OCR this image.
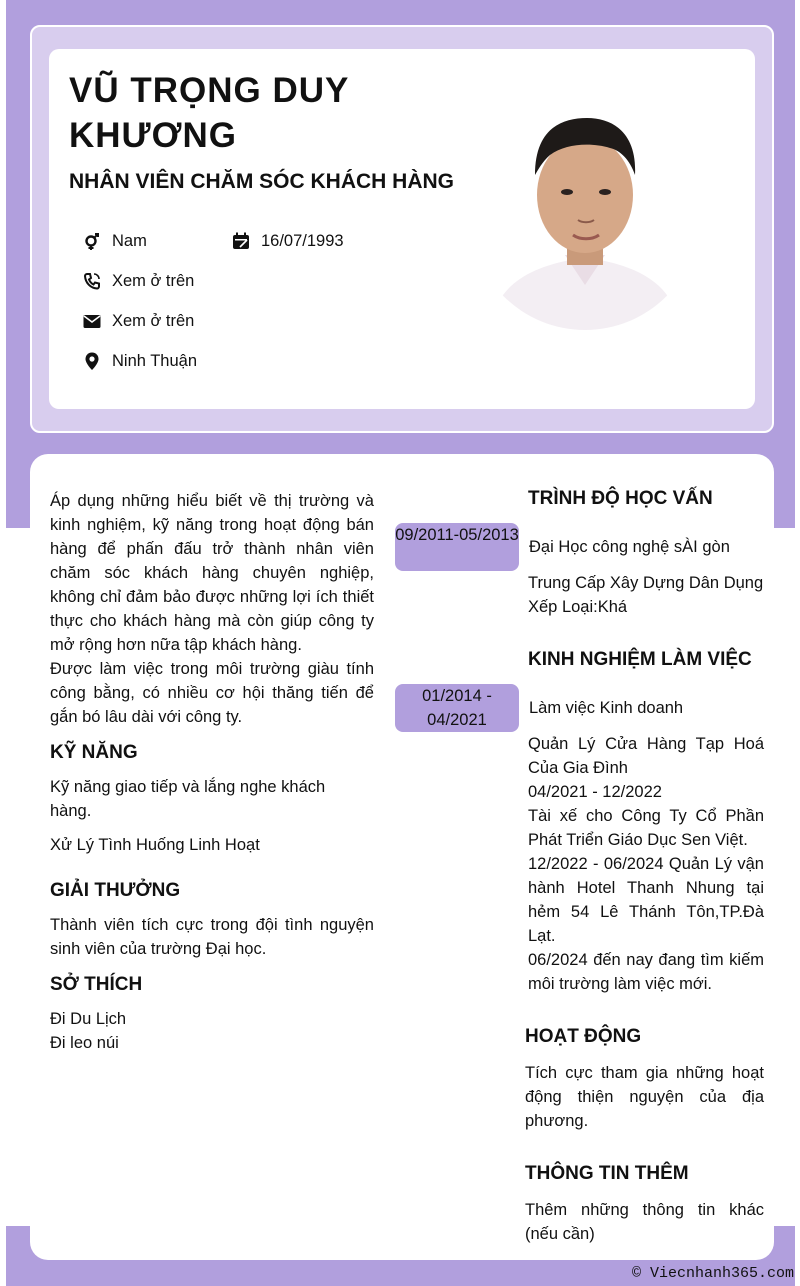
VŨ TRỌNG DUY KHƯƠNG
NHÂN VIÊN CHĂM SÓC KHÁCH HÀNG
Nam	16/07/1993
Xem ở trên
Xem ở trên
Ninh Thuận

Áp dụng những hiểu biết về thị trường và kinh nghiệm, kỹ năng trong hoạt động bán hàng để phấn đấu trở thành nhân viên chăm sóc khách hàng chuyên nghiệp, không chỉ đảm bảo được những lợi ích thiết thực cho khách hàng mà còn giúp công ty mở rộng hơn nữa tập khách hàng.

Được làm việc trong môi trường giàu tính công bằng, có nhiều cơ hội thăng tiến để gắn bó lâu dài với công ty.

KỸ NĂNG

Kỹ năng giao tiếp và lắng nghe khách hàng.

Xử Lý Tình Huống Linh Hoạt

GIẢI THƯỞNG

Thành viên tích cực trong đội tình nguyện sinh viên của trường Đại học.

SỞ THÍCH

Đi Du Lịch

Đi leo núi

TRÌNH ĐỘ HỌC VẤN
09/2011-05/2013

Đại Học công nghệ sÀI gòn

Trung Cấp Xây Dựng Dân Dụng

Xếp Loại:Khá

KINH NGHIỆM LÀM VIỆC
01/2014 - 04/2021

Làm việc Kinh doanh

Quản Lý Cửa Hàng Tạp Hoá Của Gia Đình
04/2021 - 12/2022
Tài xế cho Công Ty Cổ Phần Phát Triển Giáo Dục Sen Việt.
12/2022 - 06/2024 Quản Lý vận hành Hotel Thanh Nhung tại hẻm 54 Lê Thánh Tôn,TP.Đà Lạt.
06/2024 đến nay đang tìm kiếm môi trường làm việc mới.
HOẠT ĐỘNG

Tích cực tham gia những hoạt động thiện nguyện của địa phương.

THÔNG TIN THÊM

Thêm những thông tin khác (nếu cần)

© Viecnhanh365.com
